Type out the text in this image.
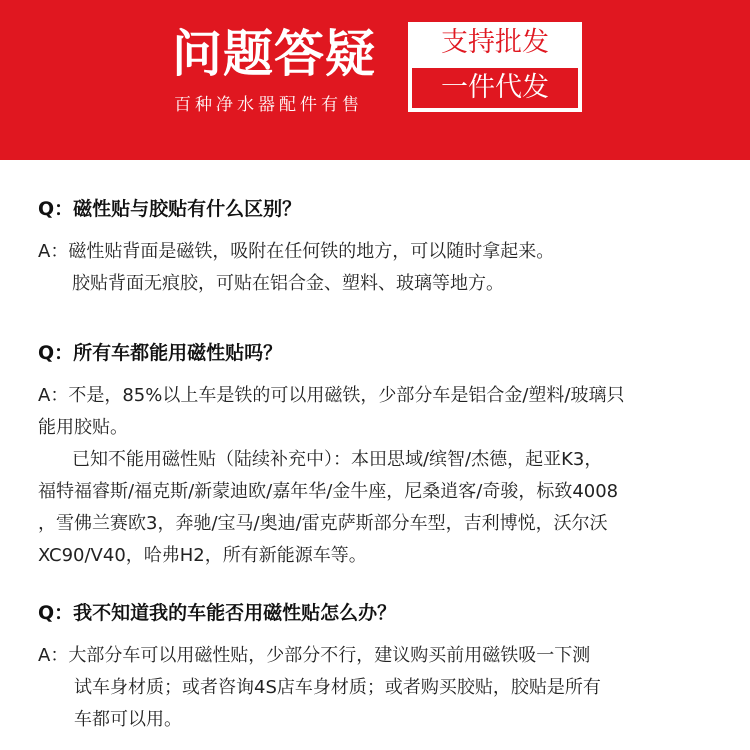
问题答疑
百种净水器配件有售
支持批发
一件代发
Q：磁性贴与胶贴有什么区别？
A：磁性贴背面是磁铁，吸附在任何铁的地方，可以随时拿起来。
胶贴背面无痕胶，可贴在铝合金、塑料、玻璃等地方。
Q：所有车都能用磁性贴吗？
A：不是，85%以上车是铁的可以用磁铁，少部分车是铝合金/塑料/玻璃只
能用胶贴。
已知不能用磁性贴（陆续补充中）：本田思域/缤智/杰德，起亚K3，
福特福睿斯/福克斯/新蒙迪欧/嘉年华/金牛座，尼桑逍客/奇骏，标致4008
，雪佛兰赛欧3，奔驰/宝马/奥迪/雷克萨斯部分车型，吉利博悦，沃尔沃
XC90/V40，哈弗H2，所有新能源车等。
Q：我不知道我的车能否用磁性贴怎么办？
A：大部分车可以用磁性贴，少部分不行，建议购买前用磁铁吸一下测
试车身材质；或者咨询4S店车身材质；或者购买胶贴，胶贴是所有
车都可以用。
